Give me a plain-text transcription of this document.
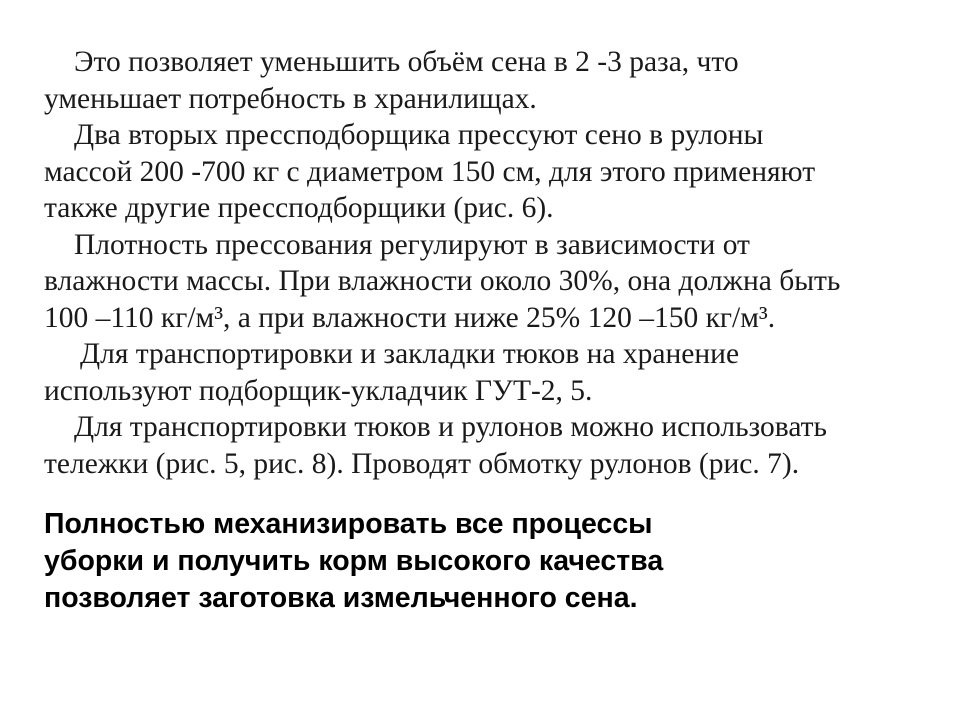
Это позволяет уменьшить объём сена в 2 -3 раза, что
уменьшает потребность в хранилищах.
Два вторых прессподборщика прессуют сено в рулоны
массой 200 -700 кг с диаметром 150 см, для этого применяют
также другие прессподборщики (рис. 6).
Плотность прессования регулируют в зависимости от
влажности массы. При влажности около 30%, она должна быть
100 –110 кг/м³, а при влажности ниже 25% 120 –150 кг/м³.
Для транспортировки и закладки тюков на хранение
используют подборщик-укладчик ГУТ-2, 5.
Для транспортировки тюков и рулонов можно использовать
тележки (рис. 5, рис. 8). Проводят обмотку рулонов (рис. 7).
Полностью механизировать все процессы
уборки и получить корм высокого качества
позволяет заготовка измельченного сена.
